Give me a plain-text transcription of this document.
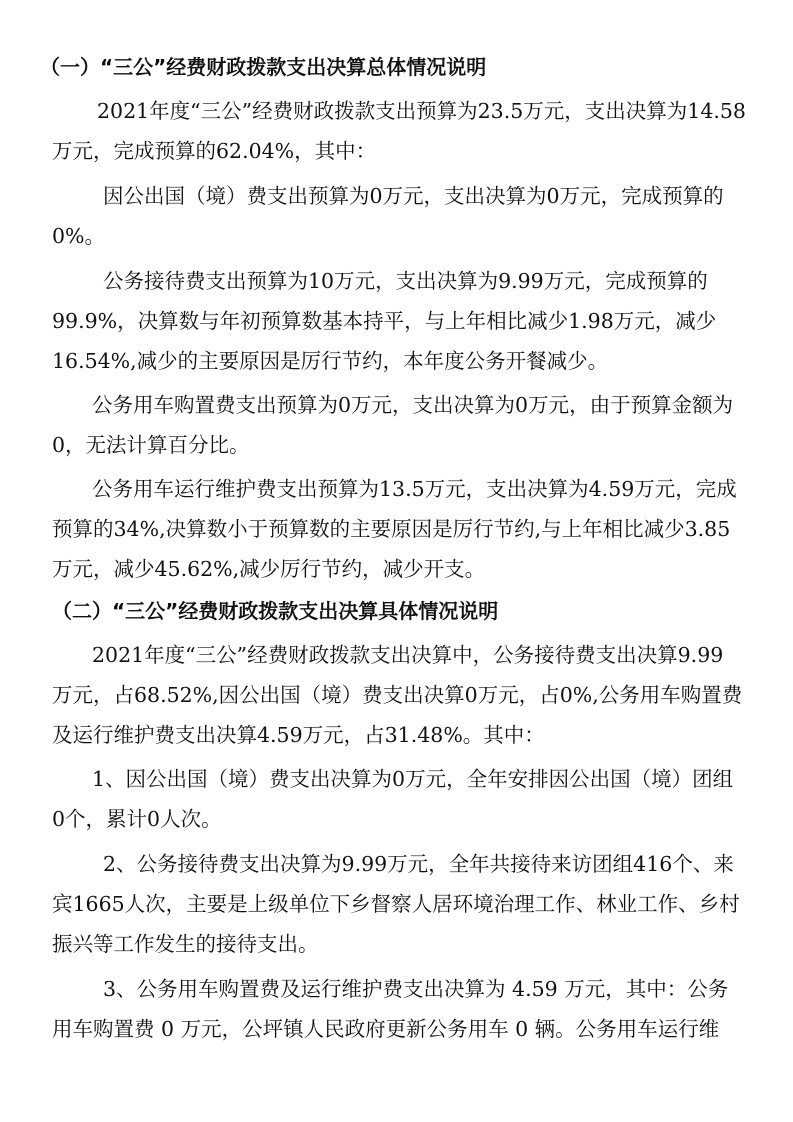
（一）“三公”经费财政拨款支出决算总体情况说明
2021年度“三公”经费财政拨款支出预算为23.5万元，支出决算为14.58
万元，完成预算的62.04%，其中：
因公出国（境）费支出预算为0万元，支出决算为0万元，完成预算的
0%。
公务接待费支出预算为10万元，支出决算为9.99万元，完成预算的
99.9%，决算数与年初预算数基本持平，与上年相比减少1.98万元，减少
16.54%,减少的主要原因是厉行节约，本年度公务开餐减少。
公务用车购置费支出预算为0万元，支出决算为0万元，由于预算金额为
0，无法计算百分比。
公务用车运行维护费支出预算为13.5万元，支出决算为4.59万元，完成
预算的34%,决算数小于预算数的主要原因是厉行节约,与上年相比减少3.85
万元，减少45.62%,减少厉行节约，减少开支。
（二）“三公”经费财政拨款支出决算具体情况说明
2021年度“三公”经费财政拨款支出决算中，公务接待费支出决算9.99
万元，占68.52%,因公出国（境）费支出决算0万元，占0%,公务用车购置费
及运行维护费支出决算4.59万元，占31.48%。其中：
1、因公出国（境）费支出决算为0万元，全年安排因公出国（境）团组
0个，累计0人次。
2、公务接待费支出决算为9.99万元，全年共接待来访团组416个、来
宾1665人次，主要是上级单位下乡督察人居环境治理工作、林业工作、乡村
振兴等工作发生的接待支出。
3、公务用车购置费及运行维护费支出决算为 4.59 万元，其中：公务
用车购置费 0 万元，公坪镇人民政府更新公务用车 0 辆。公务用车运行维
